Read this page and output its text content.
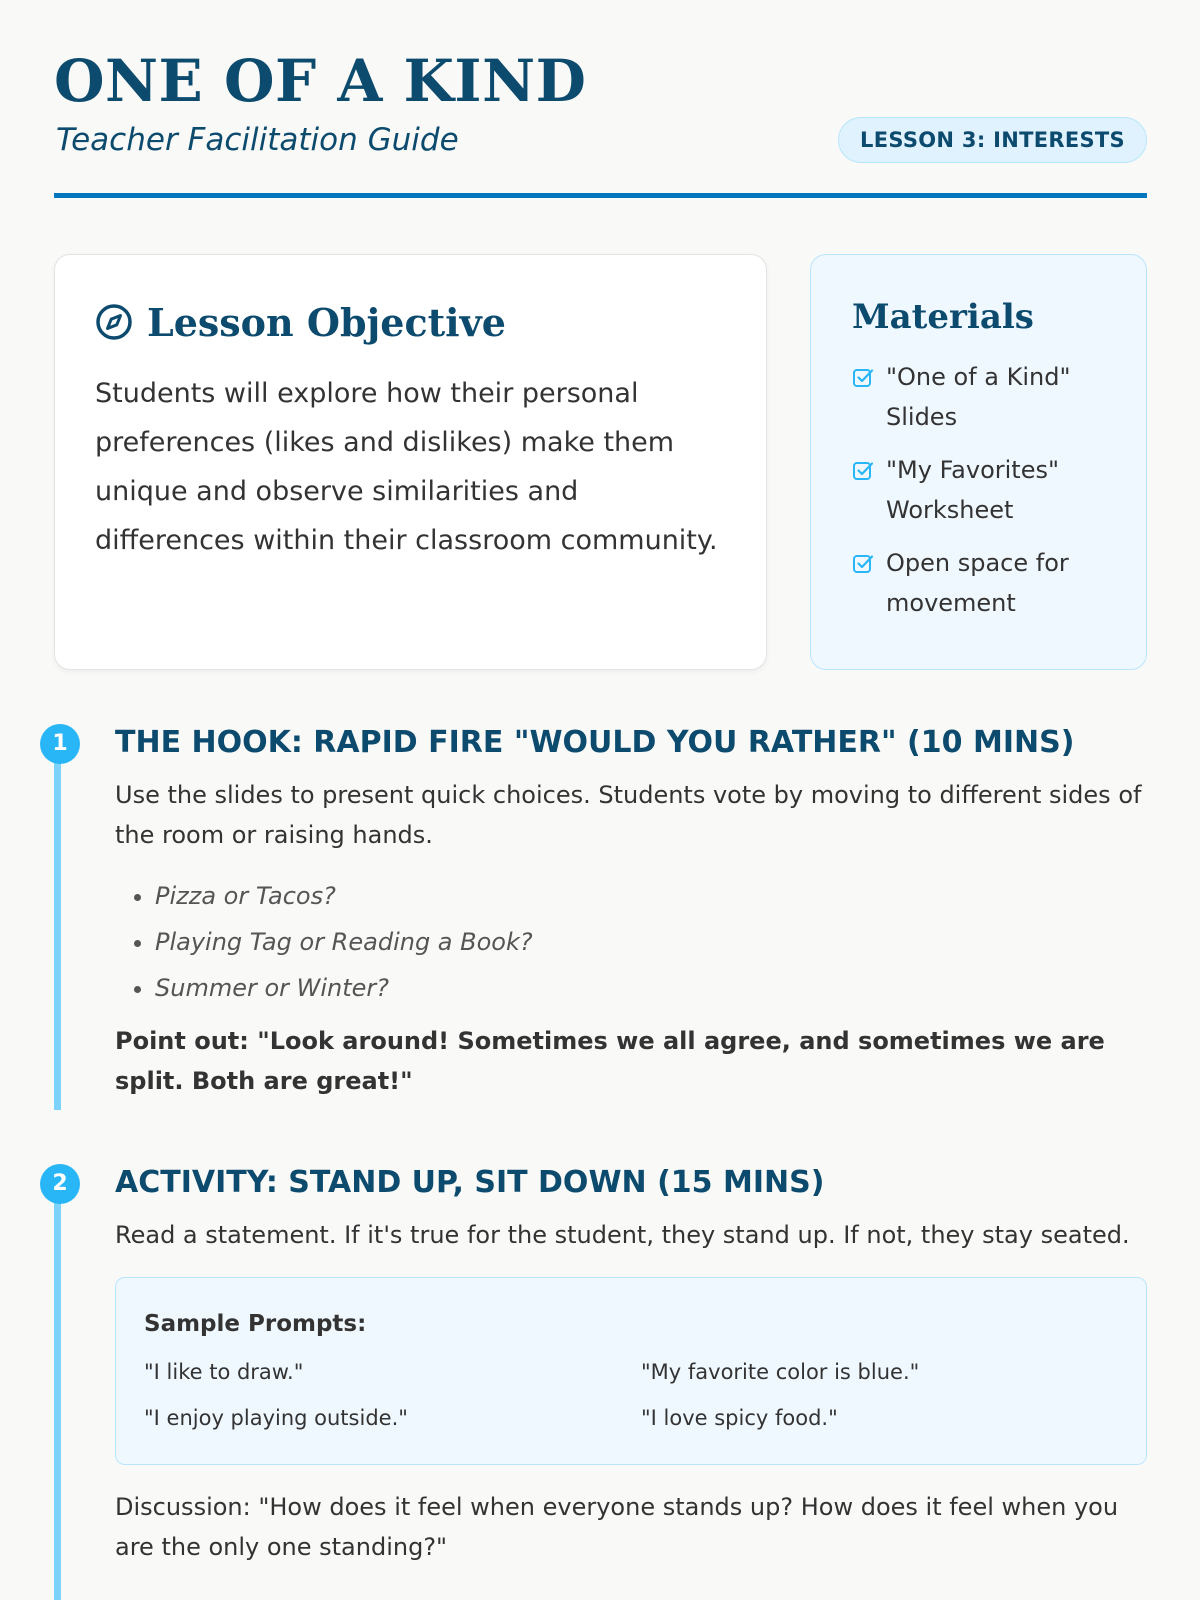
ONE OF A KIND
Teacher Facilitation Guide	LESSON 3: INTERESTS
Lesson Objective
Students will explore how their personal preferences (likes and dislikes) make them unique and observe similarities and differences within their classroom community.
Materials
"One of a Kind" Slides
"My Favorites" Worksheet
Open space for movement
1	THE HOOK: RAPID FIRE "WOULD YOU RATHER" (10 MINS)
Use the slides to present quick choices. Students vote by moving to different sides of the room or raising hands.
• Pizza or Tacos?
• Playing Tag or Reading a Book?
• Summer or Winter?
Point out: "Look around! Sometimes we all agree, and sometimes we are split. Both are great!"
2	ACTIVITY: STAND UP, SIT DOWN (15 MINS)
Read a statement. If it's true for the student, they stand up. If not, they stay seated.
Sample Prompts:
"I like to draw."	"My favorite color is blue."
"I enjoy playing outside."	"I love spicy food."
Discussion: "How does it feel when everyone stands up? How does it feel when you are the only one standing?"
